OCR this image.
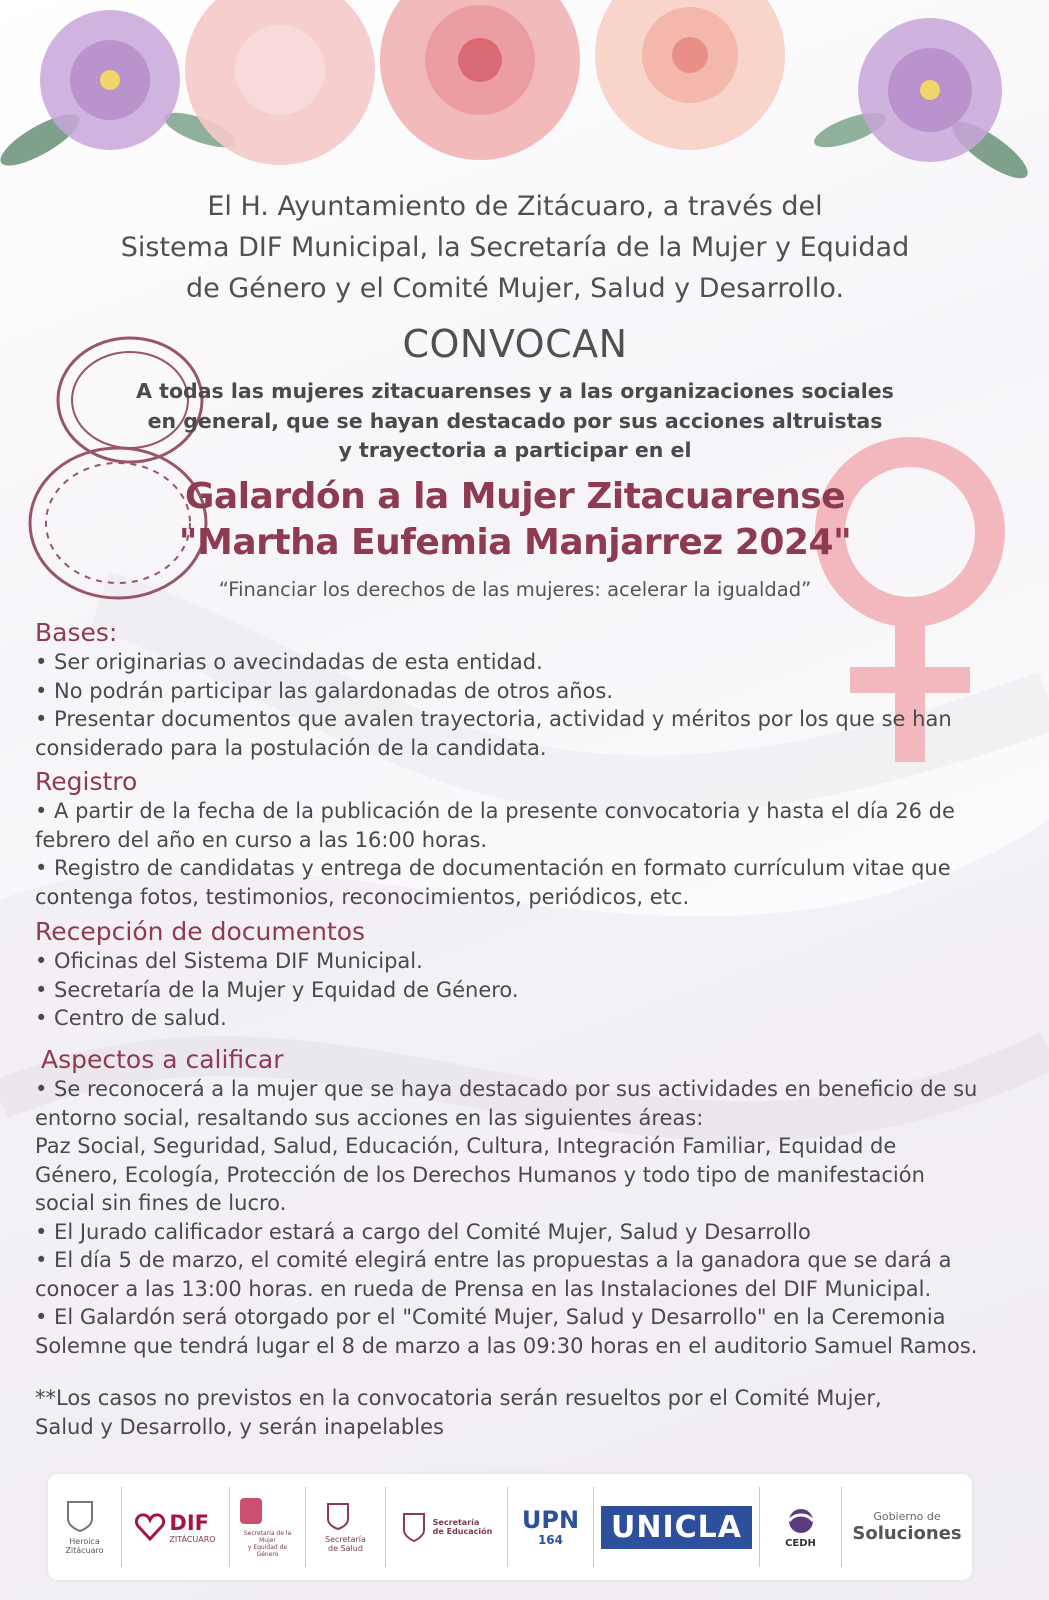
El H. Ayuntamiento de Zitácuaro, a través del
Sistema DIF Municipal, la Secretaría de la Mujer y Equidad
de Género y el Comité Mujer, Salud y Desarrollo.
CONVOCAN
A todas las mujeres zitacuarenses y a las organizaciones sociales
en general, que se hayan destacado por sus acciones altruistas
y trayectoria a participar en el
Galardón a la Mujer Zitacuarense
"Martha Eufemia Manjarrez 2024"
“Financiar los derechos de las mujeres: acelerar la igualdad”
Bases:
• Ser originarias o avecindadas de esta entidad.
• No podrán participar las galardonadas de otros años.
• Presentar documentos que avalen trayectoria, actividad y méritos por los que se han
considerado para la postulación de la candidata.
Registro
• A partir de la fecha de la publicación de la presente convocatoria y hasta el día 26 de
febrero del año en curso a las 16:00 horas.
• Registro de candidatas y entrega de documentación en formato currículum vitae que
contenga fotos, testimonios, reconocimientos, periódicos, etc.
Recepción de documentos
• Oficinas del Sistema DIF Municipal.
• Secretaría de la Mujer y Equidad de Género.
• Centro de salud.
Aspectos a calificar
• Se reconocerá a la mujer que se haya destacado por sus actividades en beneficio de su
entorno social, resaltando sus acciones en las siguientes áreas:
Paz Social, Seguridad, Salud, Educación, Cultura, Integración Familiar, Equidad de
Género, Ecología, Protección de los Derechos Humanos y todo tipo de manifestación
social sin fines de lucro.
• El Jurado calificador estará a cargo del Comité Mujer, Salud y Desarrollo
• El día 5 de marzo, el comité elegirá entre las propuestas a la ganadora que se dará a
conocer a las 13:00 horas. en rueda de Prensa en las Instalaciones del DIF Municipal.
• El Galardón será otorgado por el "Comité Mujer, Salud y Desarrollo" en la Ceremonia
Solemne que tendrá lugar el 8 de marzo a las 09:30 horas en el auditorio Samuel Ramos.
**Los casos no previstos en la convocatoria serán resueltos por el Comité Mujer,
Salud y Desarrollo, y serán inapelables
Heroica
Zitácuaro
DIF
ZITÁCUARO
Secretaría de la Mujer
y Equidad de Género
Secretaría
de Salud
Secretaría
de Educación UPN
164	UNICLA	CEDH
Gobierno de
Soluciones
